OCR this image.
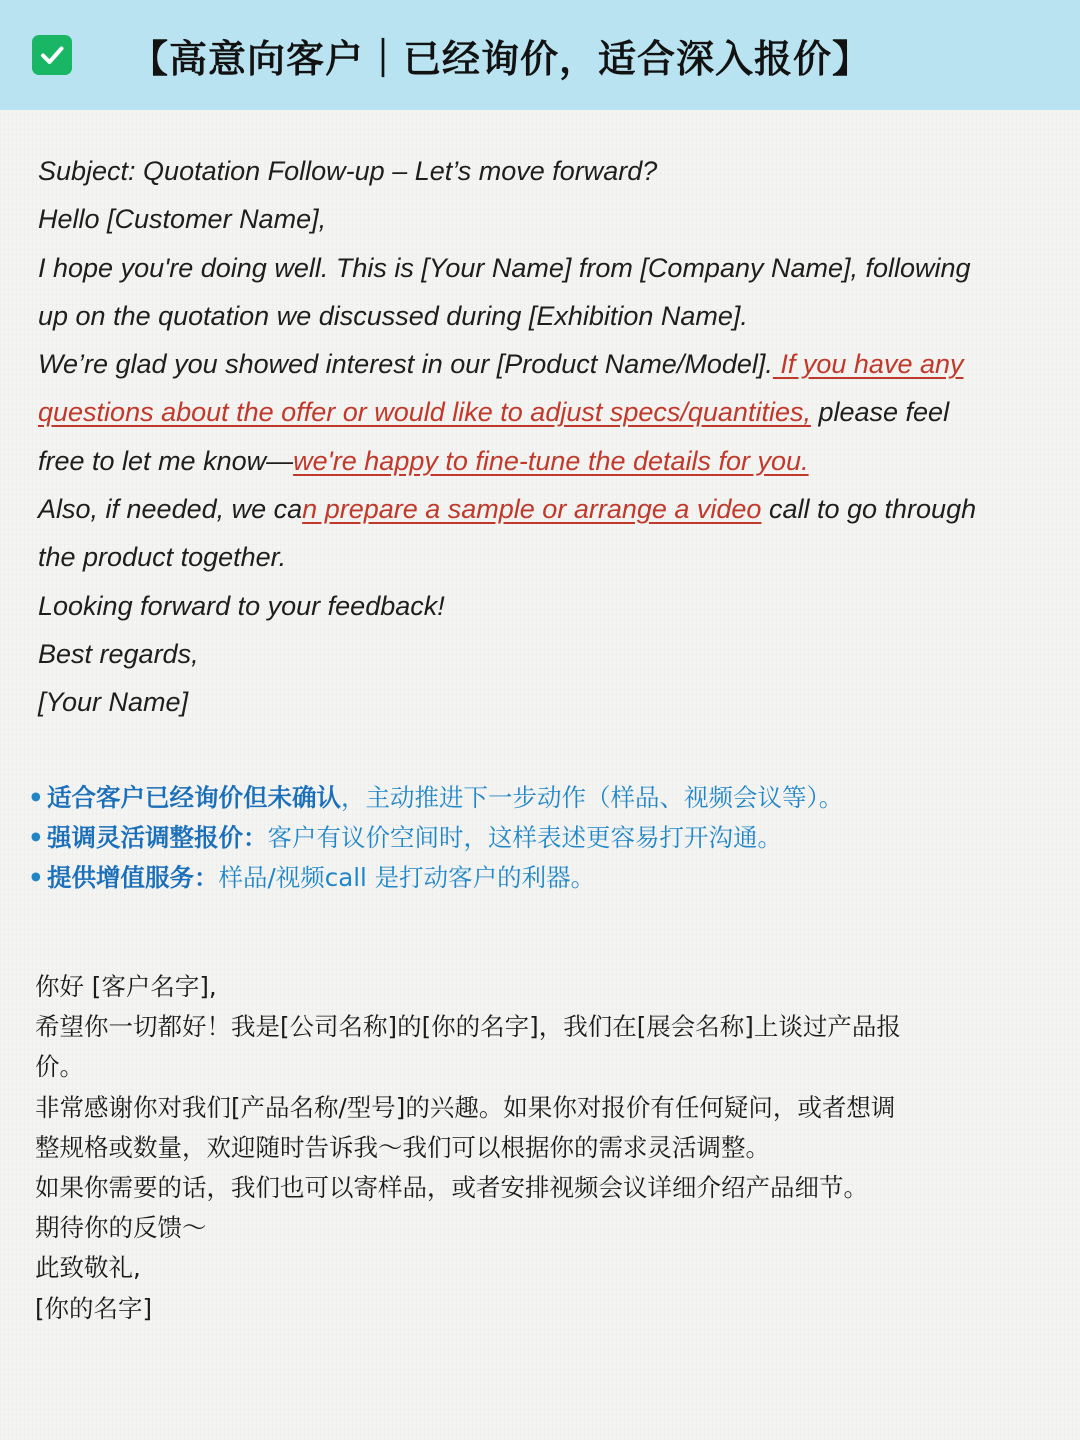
【高意向客户｜已经询价，适合深入报价】
Subject: Quotation Follow-up – Let’s move forward?
Hello [Customer Name],
I hope you're doing well. This is [Your Name] from [Company Name], following
up on the quotation we discussed during [Exhibition Name].
We’re glad you showed interest in our [Product Name/Model]. If you have any
questions about the offer or would like to adjust specs/quantities, please feel
free to let me know—we're happy to fine-tune the details for you.
Also, if needed, we can prepare a sample or arrange a video call to go through
the product together.
Looking forward to your feedback!
Best regards,
[Your Name]
• 适合客户已经询价但未确认，主动推进下一步动作（样品、视频会议等）。
• 强调灵活调整报价：客户有议价空间时，这样表述更容易打开沟通。
• 提供增值服务：样品/视频call 是打动客户的利器。
你好 [客户名字],
希望你一切都好！我是[公司名称]的[你的名字]，我们在[展会名称]上谈过产品报
价。
非常感谢你对我们[产品名称/型号]的兴趣。如果你对报价有任何疑问，或者想调
整规格或数量，欢迎随时告诉我～我们可以根据你的需求灵活调整。
如果你需要的话，我们也可以寄样品，或者安排视频会议详细介绍产品细节。
期待你的反馈～
此致敬礼,
[你的名字]
